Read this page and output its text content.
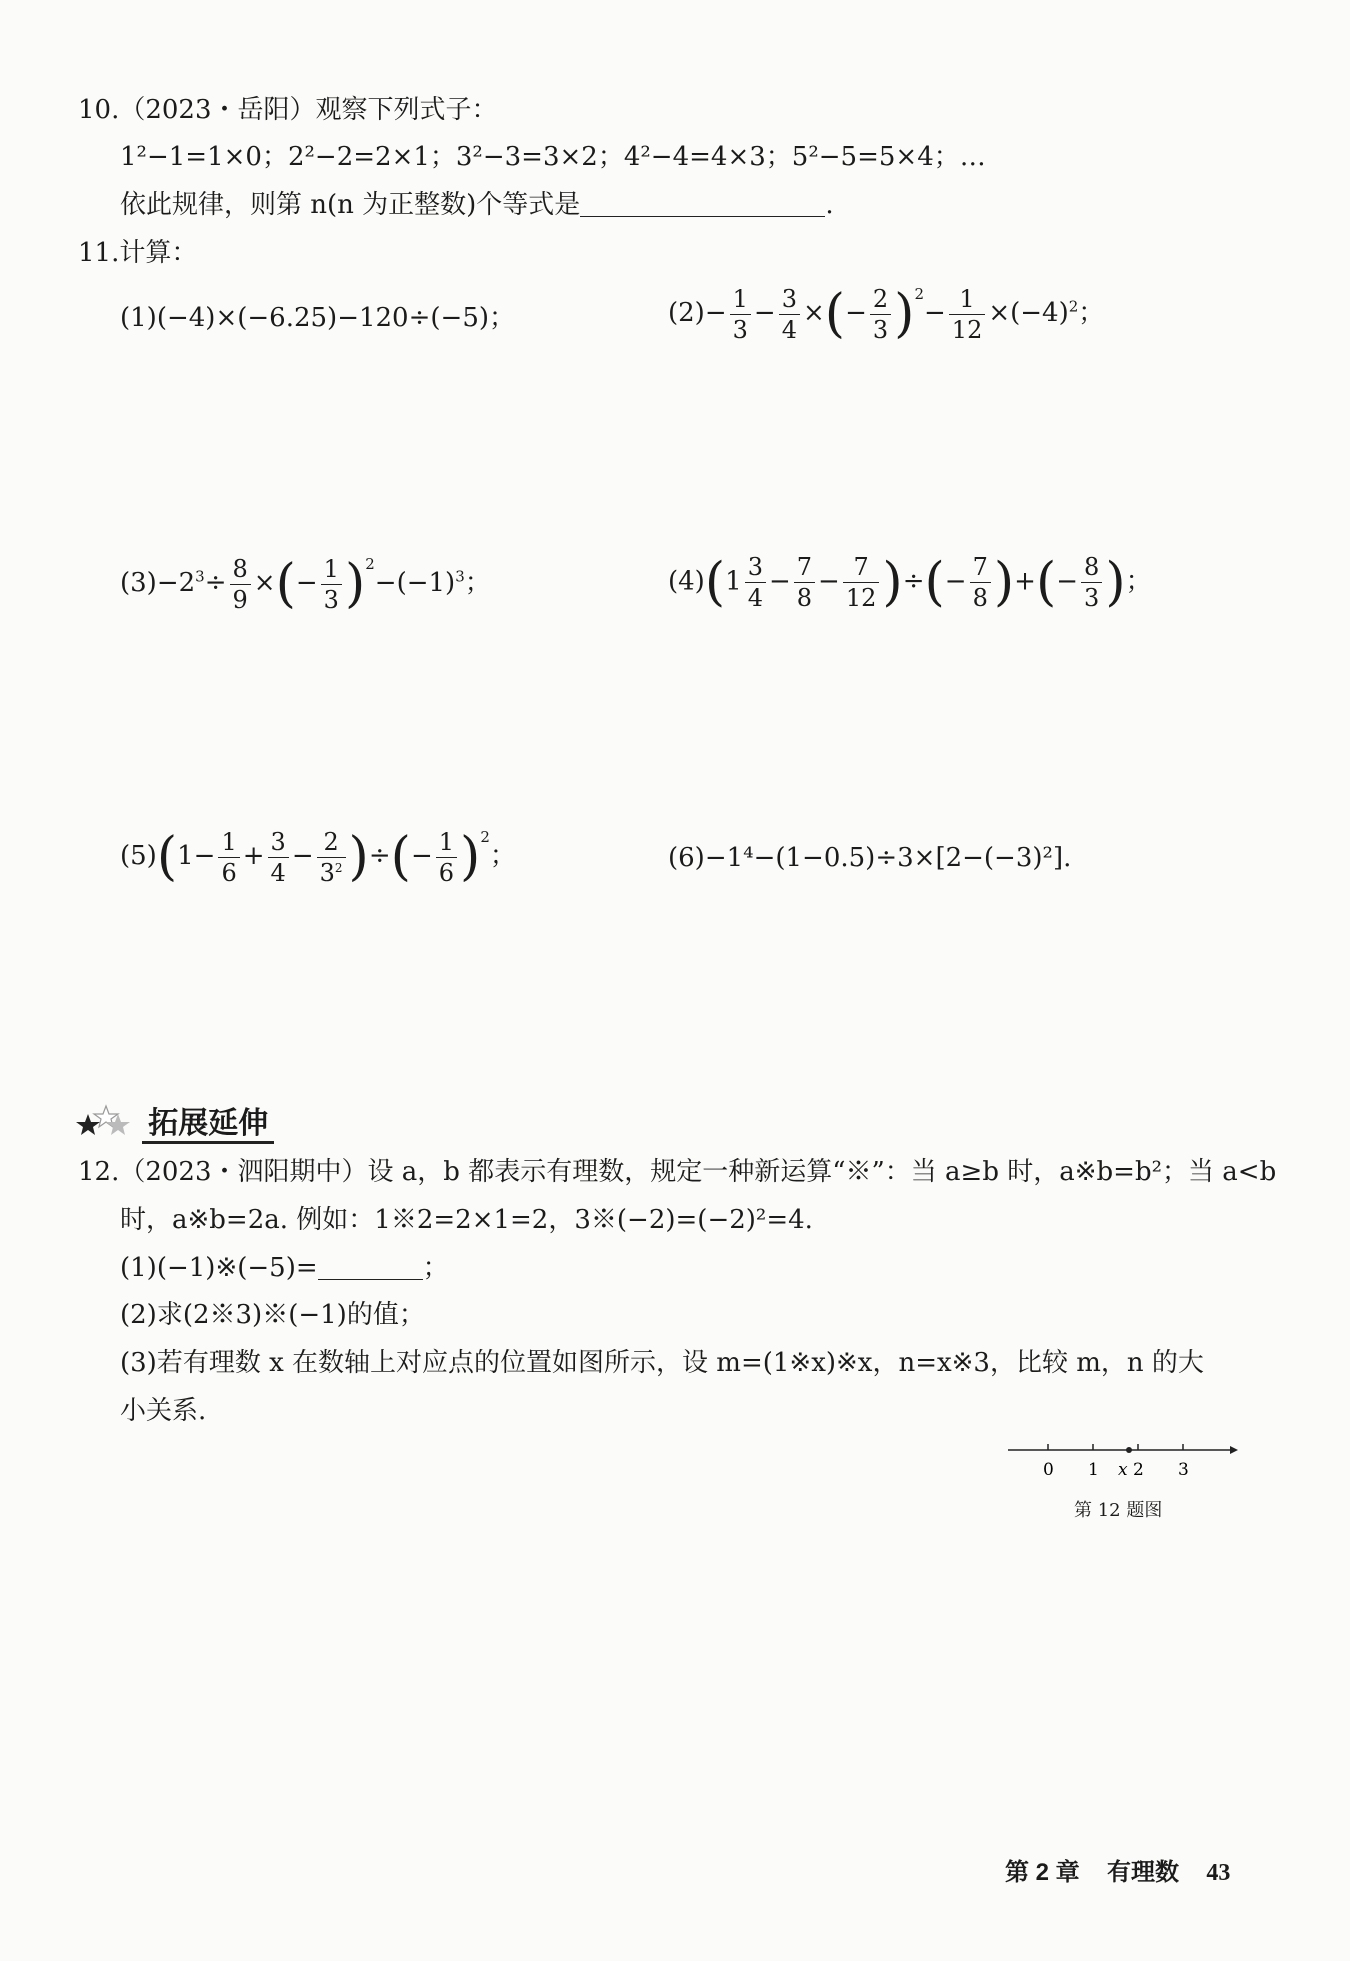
10.（2023・岳阳）观察下列式子：
1²−1=1×0；2²−2=2×1；3²−3=3×2；4²−4=4×3；5²−5=5×4；…
依此规律，则第 n(n 为正整数)个等式是	.
11.计算：
(1)(−4)×(−6.25)−120÷(−5)；	$(2)- \frac{1}{3} - \frac{3}{4}$ ×(− $\frac{2}{3} )^2- \frac{1}{12} \times(-4)^2$；
$(3)-2^3\div \frac{8}{9}$ ×(− $\frac{1}{3} )^2-(-1)^3$；	$(4)(1 \frac{3}{4} - \frac{7}{8} - \frac{7}{12}$ )÷(− $\frac{7}{8}$ )+(− $\frac{8}{3}$ )；
$(5)(1- \frac{1}{6} + \frac{3}{4} - \frac{2}{3^2}$ )÷(− $\frac{1}{6} )^2$；	(6)−1⁴−(1−0.5)÷3×[2−(−3)²].
拓展延伸
12.（2023・泗阳期中）设 a，b 都表示有理数，规定一种新运算“※”：当 a≥b 时，a※b=b²；当 a<b
时，a※b=2a. 例如：1※2=2×1=2，3※(−2)=(−2)²=4.
(1)(−1)※(−5)=	；
(2)求(2※3)※(−1)的值；
(3)若有理数 x 在数轴上对应点的位置如图所示，设 m=(1※x)※x，n=x※3，比较 m，n 的大
小关系.
0 1 x 2 3
第 12 题图
第 2 章 有理数 43
